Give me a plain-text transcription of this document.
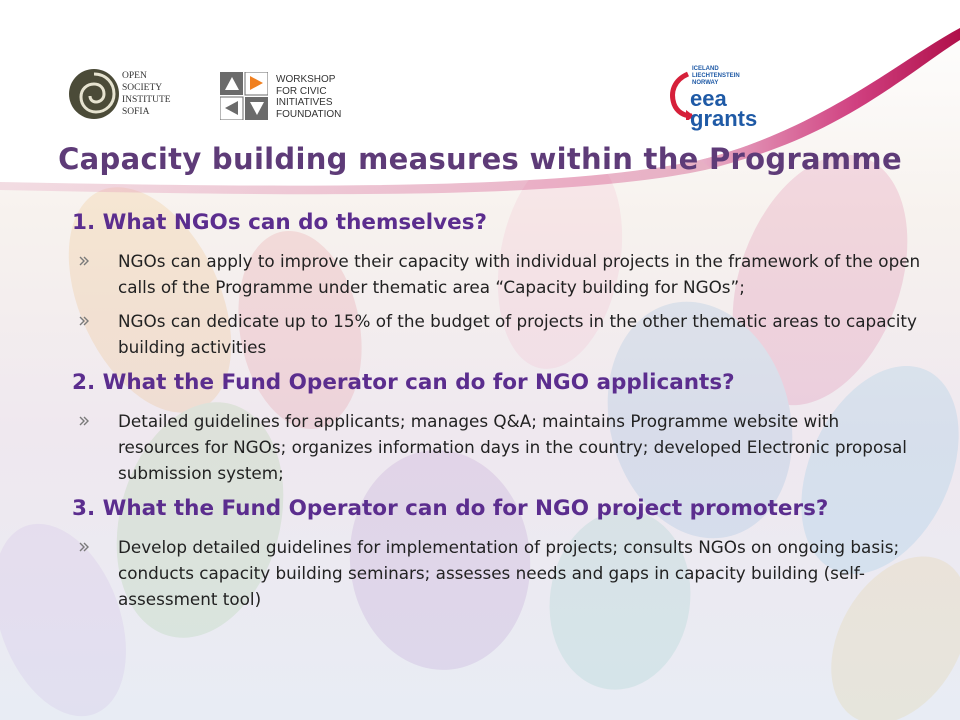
OPEN
SOCIETY
INSTITUTE
SOFIA
WORKSHOP
FOR CIVIC
INITIATIVES
FOUNDATION
ICELAND
LIECHTENSTEIN
NORWAY
eea
grants
Capacity building measures within the Programme
1. What NGOs can do themselves?
NGOs can apply to improve their capacity with individual projects in the framework of the open calls of the Programme under thematic area “Capacity building for NGOs”;
NGOs can dedicate up to 15% of the budget of projects in the other thematic areas to capacity building activities
2. What the Fund Operator can do for NGO applicants?
Detailed guidelines for applicants; manages Q&A; maintains Programme website with resources for NGOs; organizes information days in the country; developed Electronic proposal submission system;
3. What the Fund Operator can do for NGO project promoters?
Develop detailed guidelines for implementation of projects; consults NGOs on ongoing basis; conducts capacity building seminars; assesses needs and gaps in capacity building (self-assessment tool)
